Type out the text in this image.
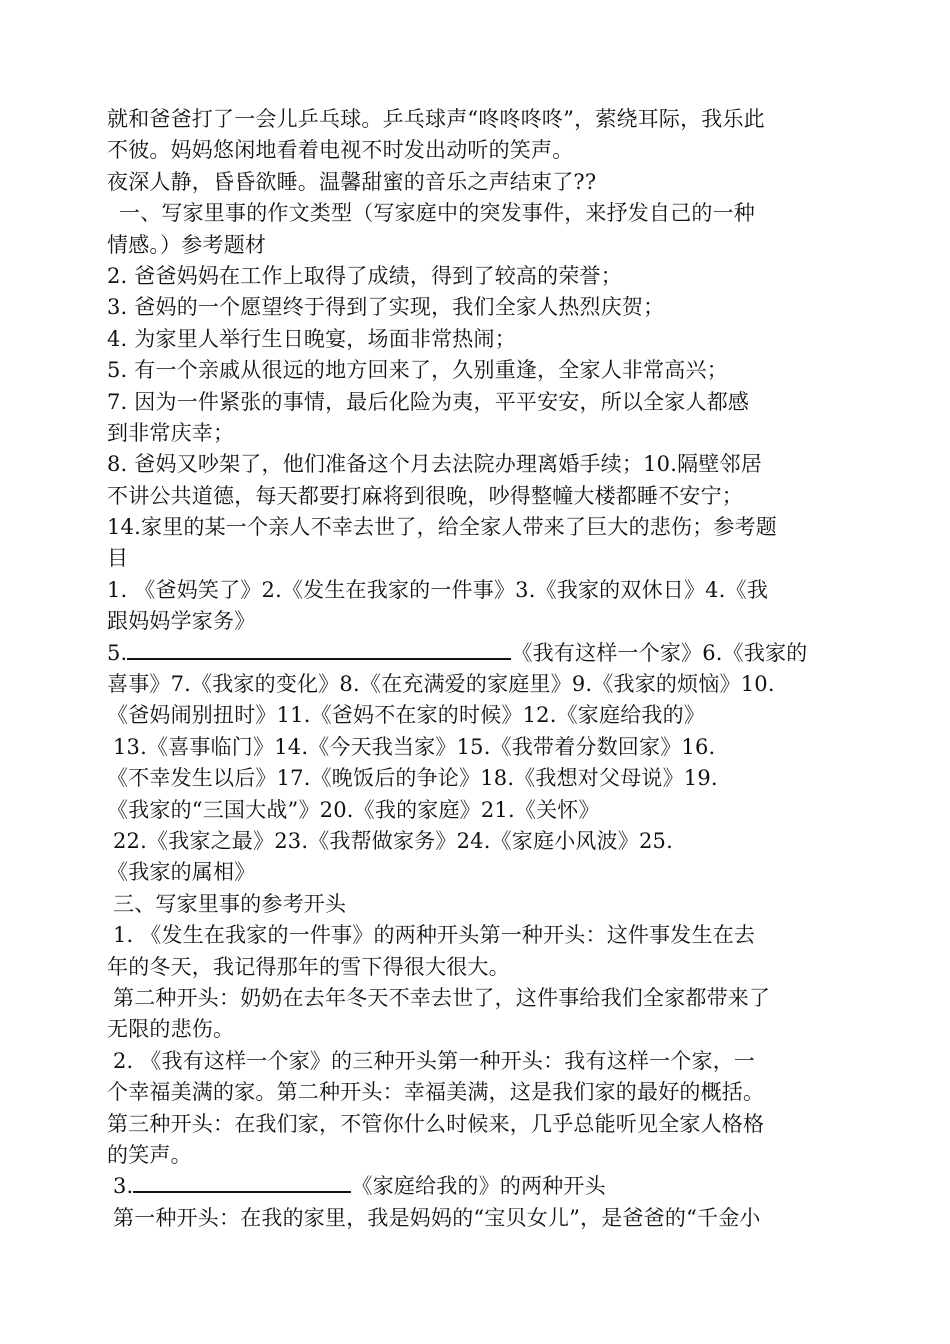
就和爸爸打了一会儿乒乓球。乒乓球声“咚咚咚咚”，萦绕耳际，我乐此
不彼。妈妈悠闲地看着电视不时发出动听的笑声。
夜深人静，昏昏欲睡。温馨甜蜜的音乐之声结束了??
一、写家里事的作文类型（写家庭中的突发事件，来抒发自己的一种
情感。）参考题材
2. 爸爸妈妈在工作上取得了成绩，得到了较高的荣誉；
3. 爸妈的一个愿望终于得到了实现，我们全家人热烈庆贺；
4. 为家里人举行生日晚宴，场面非常热闹；
5. 有一个亲戚从很远的地方回来了，久别重逢，全家人非常高兴；
7. 因为一件紧张的事情，最后化险为夷，平平安安，所以全家人都感
到非常庆幸；
8. 爸妈又吵架了，他们准备这个月去法院办理离婚手续；10.隔壁邻居
不讲公共道德，每天都要打麻将到很晚，吵得整幢大楼都睡不安宁；
14.家里的某一个亲人不幸去世了，给全家人带来了巨大的悲伤；参考题
目
1. 《爸妈笑了》2.《发生在我家的一件事》3.《我家的双休日》4.《我
跟妈妈学家务》
5.	《我有这样一个家》6.《我家的
喜事》7.《我家的变化》8.《在充满爱的家庭里》9.《我家的烦恼》10.
《爸妈闹别扭时》11.《爸妈不在家的时候》12.《家庭给我的》
13.《喜事临门》14.《今天我当家》15.《我带着分数回家》16.
《不幸发生以后》17.《晚饭后的争论》18.《我想对父母说》19.
《我家的“三国大战”》20.《我的家庭》21.《关怀》
22.《我家之最》23.《我帮做家务》24.《家庭小风波》25.
《我家的属相》
三、写家里事的参考开头
1. 《发生在我家的一件事》的两种开头第一种开头：这件事发生在去
年的冬天，我记得那年的雪下得很大很大。
第二种开头：奶奶在去年冬天不幸去世了，这件事给我们全家都带来了
无限的悲伤。
2. 《我有这样一个家》的三种开头第一种开头：我有这样一个家，一
个幸福美满的家。第二种开头：幸福美满，这是我们家的最好的概括。
第三种开头：在我们家，不管你什么时候来，几乎总能听见全家人格格
的笑声。
3.	《家庭给我的》的两种开头
第一种开头：在我的家里，我是妈妈的“宝贝女儿”，是爸爸的“千金小
